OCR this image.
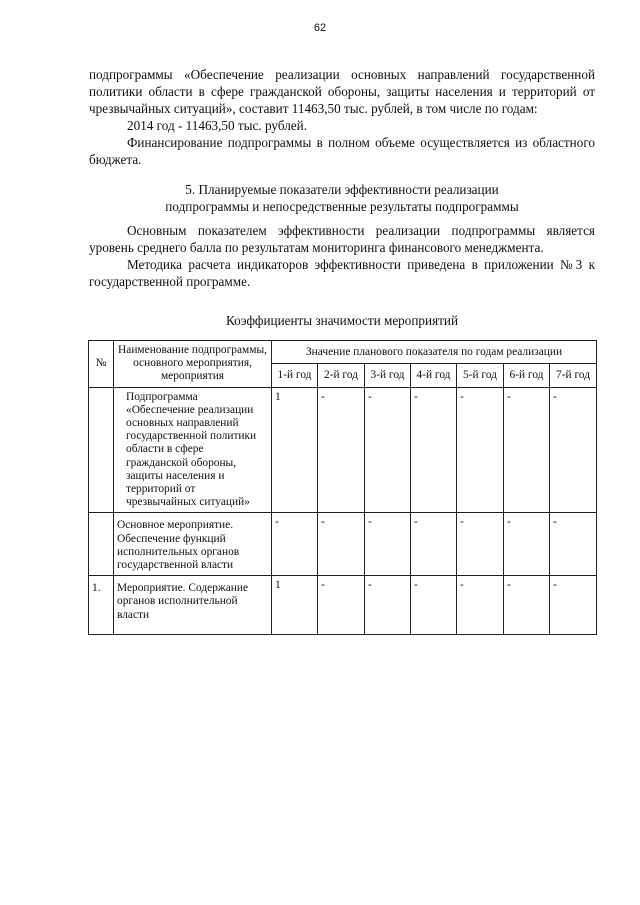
62

подпрограммы «Обеспечение реализации основных направлений государственной политики области в сфере гражданской обороны, защиты населения и территорий от чрезвычайных ситуаций», составит 11463,50 тыс. рублей, в том числе по годам:

2014 год - 11463,50 тыс. рублей.

Финансирование подпрограммы в полном объеме осуществляется из областного бюджета.

5. Планируемые показатели эффективности реализации
подпрограммы и непосредственные результаты подпрограммы

Основным показателем эффективности реализации подпрограммы является уровень среднего балла по результатам мониторинга финансового менеджмента.

Методика расчета индикаторов эффективности приведена в приложении №3 к государственной программе.

Коэффициенты значимости мероприятий
№	Наименование подпрограммы, основного мероприятия, мероприятия	Значение планового показателя по годам реализации						
		1-й год	2-й год	3-й год	4-й год	5-й год	6-й год	7-й год
	Подпрограмма «Обеспечение реализации основных направлений государственной политики области в сфере гражданской обороны, защиты населения и территорий от чрезвычайных ситуаций»	1	-	-	-	-	-	-
	Основное мероприятие. Обеспечение функций исполнительных органов государственной власти	-	-	-	-	-	-	-
1.	Мероприятие. Содержание органов исполнительной власти	1	-	-	-	-	-	-
